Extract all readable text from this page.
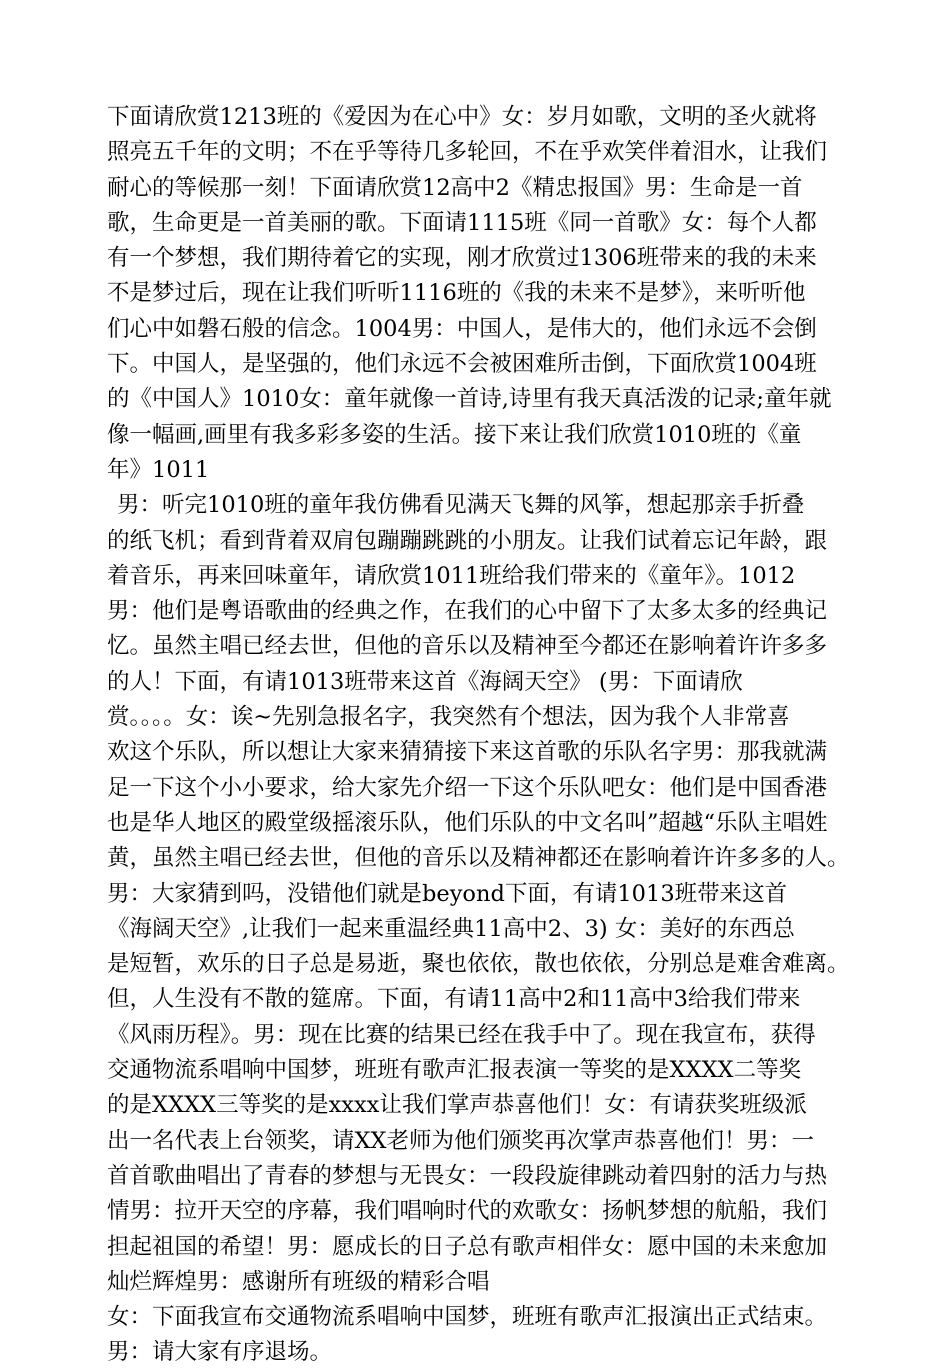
下面请欣赏1213班的《爱因为在心中》女：岁月如歌，文明的圣火就将
照亮五千年的文明；不在乎等待几多轮回，不在乎欢笑伴着泪水，让我们
耐心的等候那一刻！下面请欣赏12高中2《精忠报国》男：生命是一首
歌，生命更是一首美丽的歌。下面请1115班《同一首歌》女：每个人都
有一个梦想，我们期待着它的实现，刚才欣赏过1306班带来的我的未来
不是梦过后，现在让我们听听1116班的《我的未来不是梦》，来听听他
们心中如磐石般的信念。1004男：中国人，是伟大的，他们永远不会倒
下。中国人，是坚强的，他们永远不会被困难所击倒，下面欣赏1004班
的《中国人》1010女：童年就像一首诗,诗里有我天真活泼的记录;童年就
像一幅画,画里有我多彩多姿的生活。接下来让我们欣赏1010班的《童
年》1011
男：听完1010班的童年我仿佛看见满天飞舞的风筝，想起那亲手折叠
的纸飞机；看到背着双肩包蹦蹦跳跳的小朋友。让我们试着忘记年龄，跟
着音乐，再来回味童年，请欣赏1011班给我们带来的《童年》。1012
男：他们是粤语歌曲的经典之作，在我们的心中留下了太多太多的经典记
忆。虽然主唱已经去世，但他的音乐以及精神至今都还在影响着许许多多
的人！下面，有请1013班带来这首《海阔天空》 (男：下面请欣
赏。。。。女：诶~先别急报名字，我突然有个想法，因为我个人非常喜
欢这个乐队，所以想让大家来猜猜接下来这首歌的乐队名字男：那我就满
足一下这个小小要求，给大家先介绍一下这个乐队吧女：他们是中国香港
也是华人地区的殿堂级摇滚乐队，他们乐队的中文名叫”超越“乐队主唱姓
黄，虽然主唱已经去世，但他的音乐以及精神都还在影响着许许多多的人。
男：大家猜到吗，没错他们就是beyond下面，有请1013班带来这首
《海阔天空》,让我们一起来重温经典11高中2、3) 女：美好的东西总
是短暂，欢乐的日子总是易逝，聚也依依，散也依依，分别总是难舍难离。
但，人生没有不散的筵席。下面，有请11高中2和11高中3给我们带来
《风雨历程》。男：现在比赛的结果已经在我手中了。现在我宣布，获得
交通物流系唱响中国梦，班班有歌声汇报表演一等奖的是XXXX二等奖
的是XXXX三等奖的是xxxx让我们掌声恭喜他们！女：有请获奖班级派
出一名代表上台领奖，请XX老师为他们颁奖再次掌声恭喜他们！男：一
首首歌曲唱出了青春的梦想与无畏女：一段段旋律跳动着四射的活力与热
情男：拉开天空的序幕，我们唱响时代的欢歌女：扬帆梦想的航船，我们
担起祖国的希望！男：愿成长的日子总有歌声相伴女：愿中国的未来愈加
灿烂辉煌男：感谢所有班级的精彩合唱
女：下面我宣布交通物流系唱响中国梦，班班有歌声汇报演出正式结束。
男：请大家有序退场。
